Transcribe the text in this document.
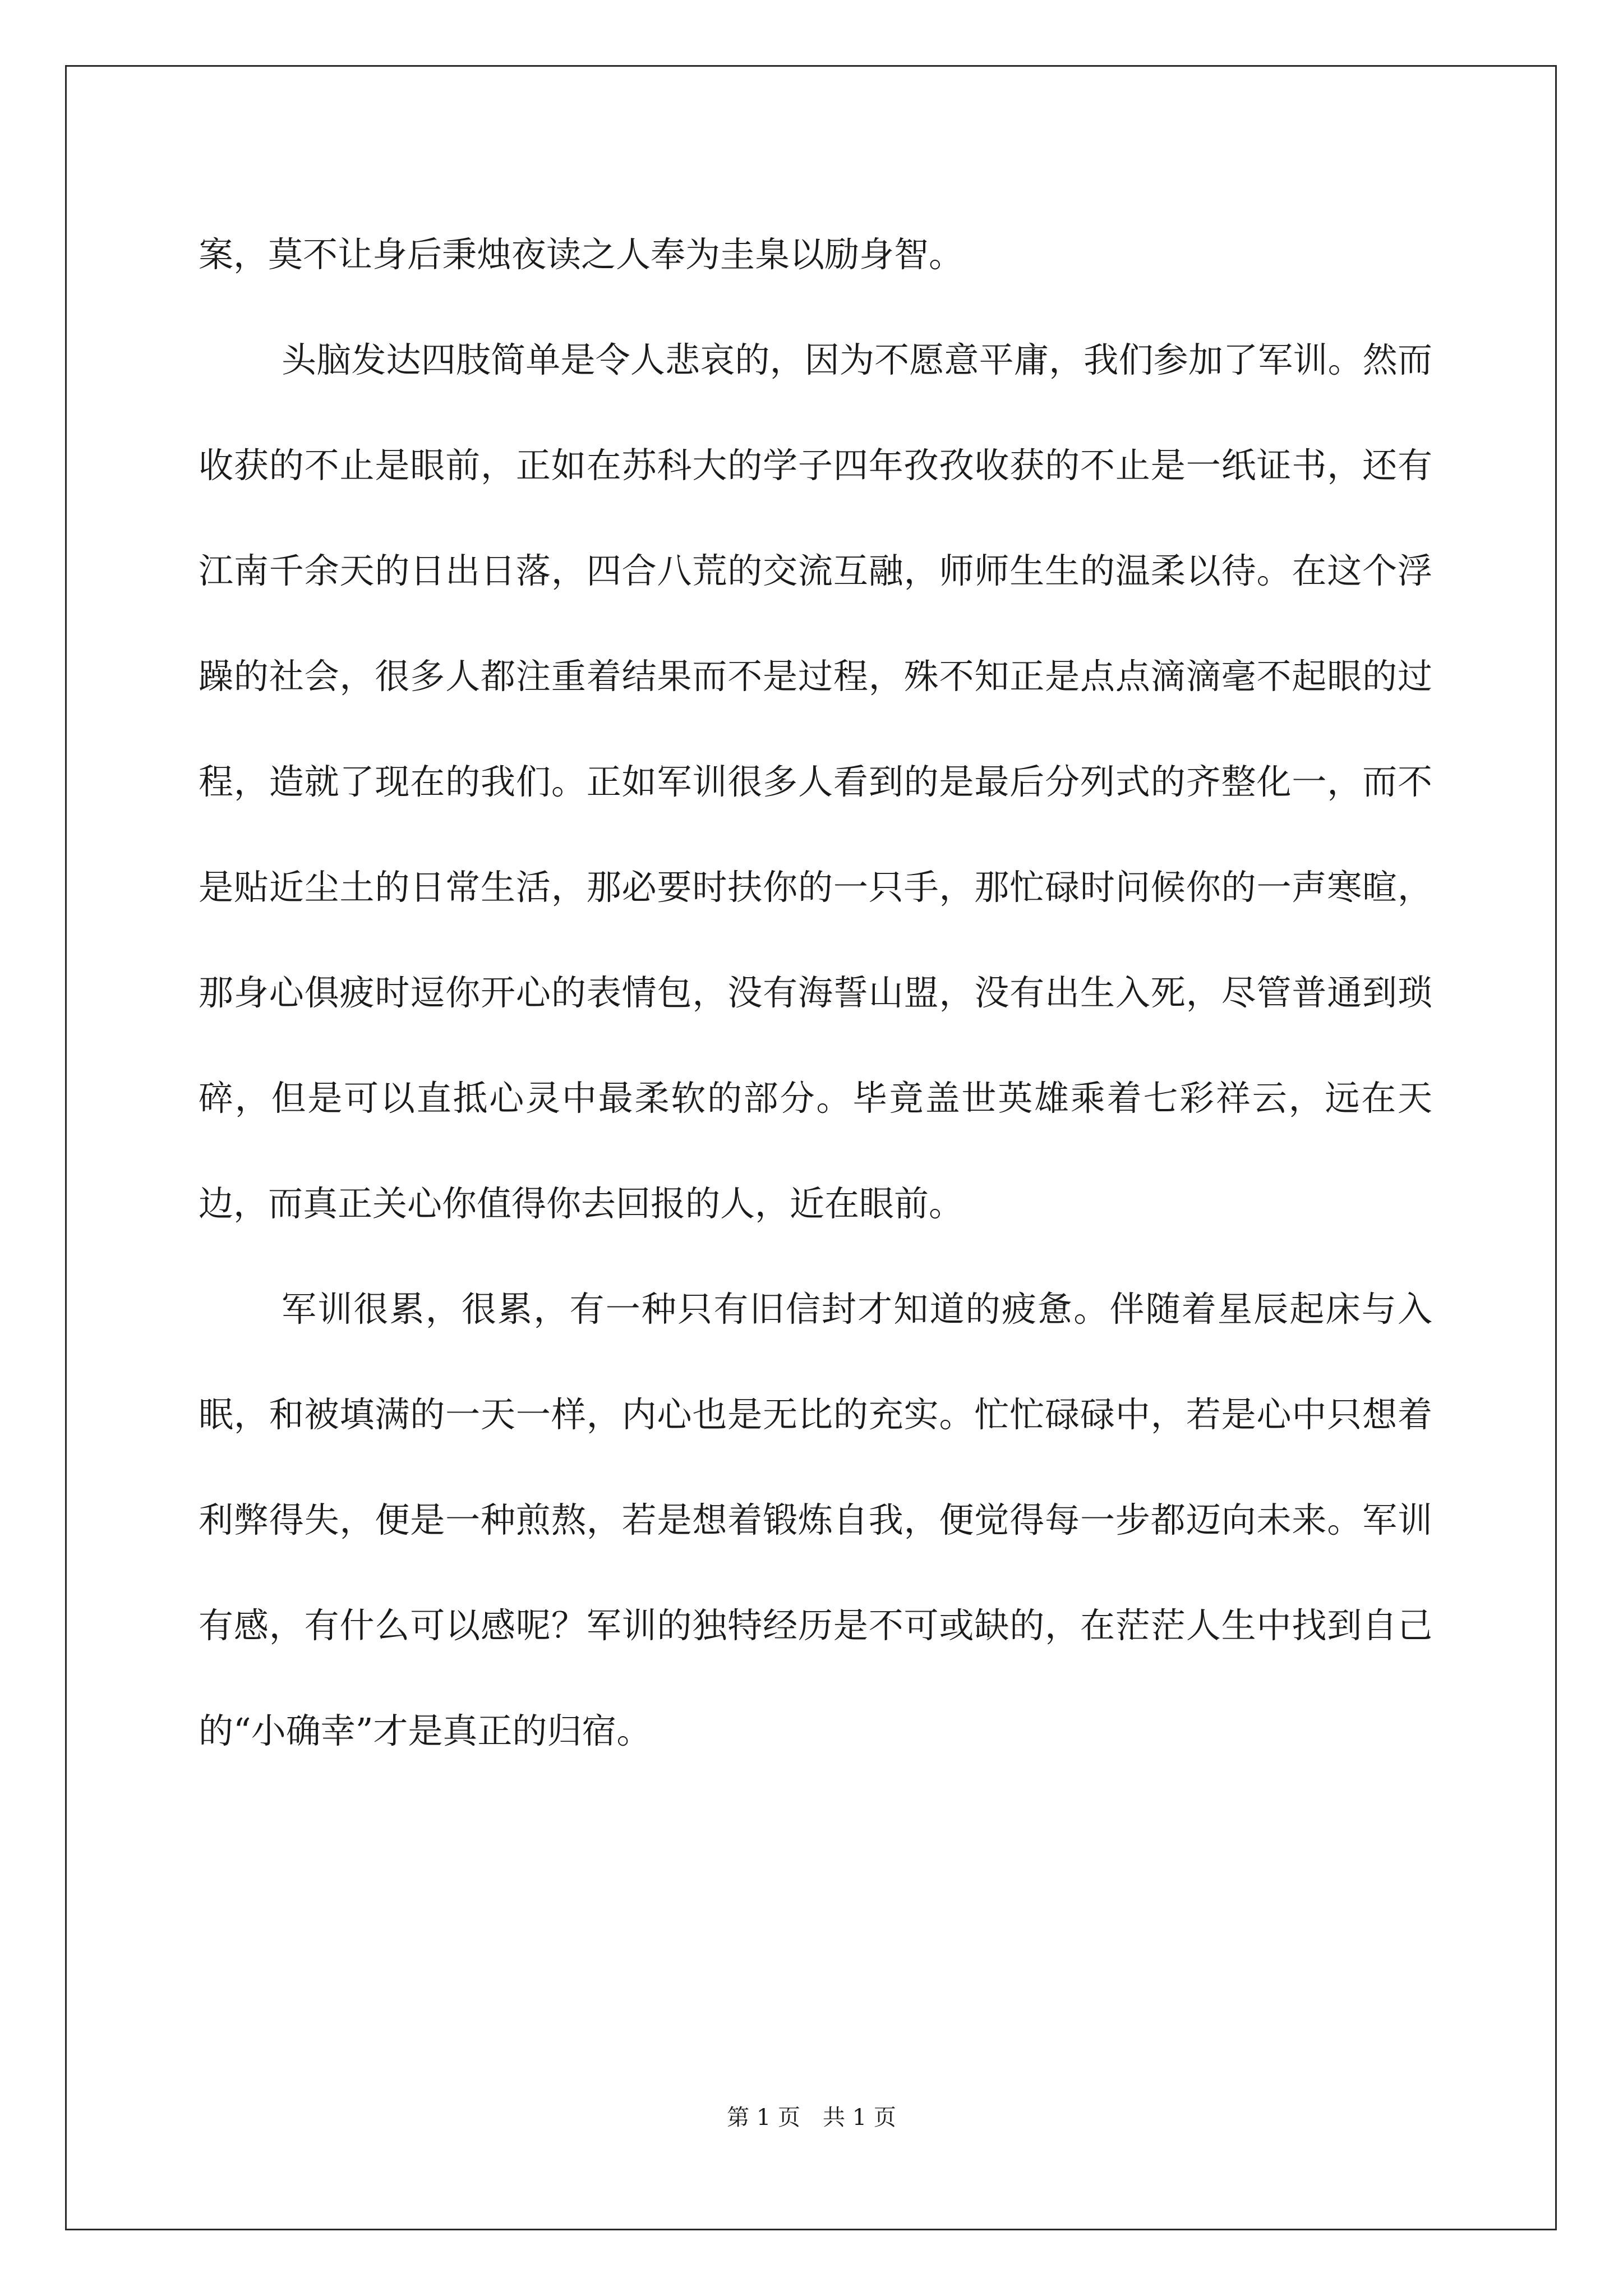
案，莫不让身后秉烛夜读之人奉为圭臬以励身智。

头脑发达四肢简单是令人悲哀的，因为不愿意平庸，我们参加了军训。然而收获的不止是眼前，正如在苏科大的学子四年孜孜收获的不止是一纸证书，还有江南千余天的日出日落，四合八荒的交流互融，师师生生的温柔以待。在这个浮躁的社会，很多人都注重着结果而不是过程，殊不知正是点点滴滴毫不起眼的过程，造就了现在的我们。正如军训很多人看到的是最后分列式的齐整化一，而不是贴近尘土的日常生活，那必要时扶你的一只手，那忙碌时问候你的一声寒暄，那身心俱疲时逗你开心的表情包，没有海誓山盟，没有出生入死，尽管普通到琐碎，但是可以直抵心灵中最柔软的部分。毕竟盖世英雄乘着七彩祥云，远在天边，而真正关心你值得你去回报的人，近在眼前。

军训很累，很累，有一种只有旧信封才知道的疲惫。伴随着星辰起床与入眠，和被填满的一天一样，内心也是无比的充实。忙忙碌碌中，若是心中只想着利弊得失，便是一种煎熬，若是想着锻炼自我，便觉得每一步都迈向未来。军训有感，有什么可以感呢？军训的独特经历是不可或缺的，在茫茫人生中找到自己的“小确幸”才是真正的归宿。

第 1 页　共 1 页
